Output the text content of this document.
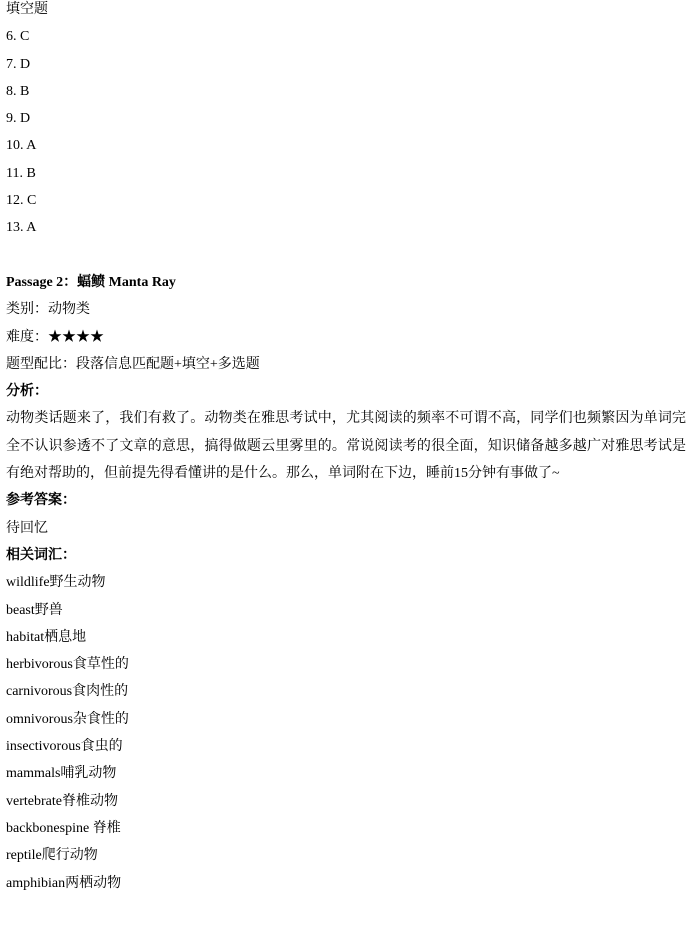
填空题
6. C
7. D
8. B
9. D
10. A
11. B
12. C
13. A
Passage 2：蝠鲼 Manta Ray
类别：动物类
难度：★★★★
题型配比：段落信息匹配题+填空+多选题
分析：

动物类话题来了，我们有救了。动物类在雅思考试中，尤其阅读的频率不可谓不高，同学们也频繁因为单词完全不认识参透不了文章的意思，搞得做题云里雾里的。常说阅读考的很全面，知识储备越多越广对雅思考试是有绝对帮助的，但前提先得看懂讲的是什么。那么，单词附在下边，睡前15分钟有事做了~

参考答案：
待回忆
相关词汇：
wildlife野生动物
beast野兽
habitat栖息地
herbivorous食草性的
carnivorous食肉性的
omnivorous杂食性的
insectivorous食虫的
mammals哺乳动物
vertebrate脊椎动物
backbonespine 脊椎
reptile爬行动物
amphibian两栖动物
